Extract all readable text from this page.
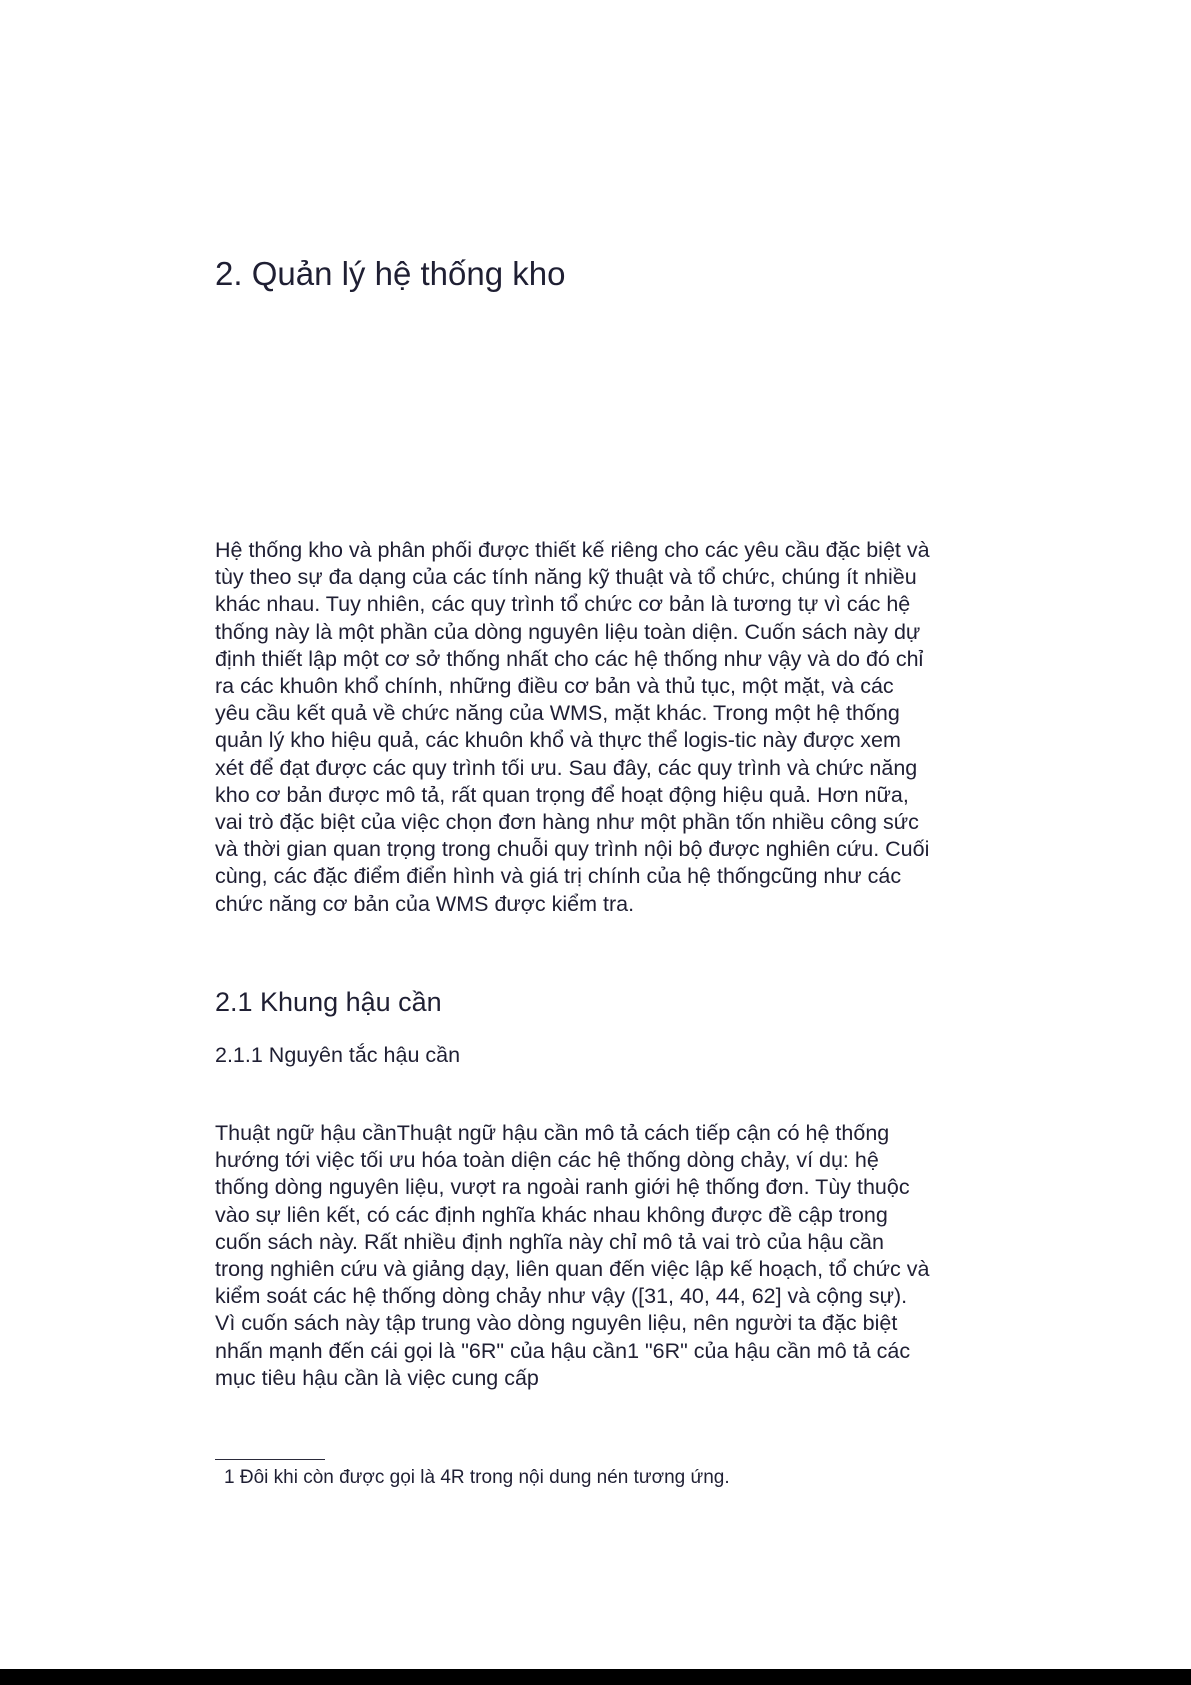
2. Quản lý hệ thống kho
Hệ thống kho và phân phối được thiết kế riêng cho các yêu cầu đặc biệt và
tùy theo sự đa dạng của các tính năng kỹ thuật và tổ chức, chúng ít nhiều
khác nhau. Tuy nhiên, các quy trình tổ chức cơ bản là tương tự vì các hệ
thống này là một phần của dòng nguyên liệu toàn diện. Cuốn sách này dự
định thiết lập một cơ sở thống nhất cho các hệ thống như vậy và do đó chỉ
ra các khuôn khổ chính, những điều cơ bản và thủ tục, một mặt, và các
yêu cầu kết quả về chức năng của WMS, mặt khác. Trong một hệ thống
quản lý kho hiệu quả, các khuôn khổ và thực thể logis-tic này được xem
xét để đạt được các quy trình tối ưu. Sau đây, các quy trình và chức năng
kho cơ bản được mô tả, rất quan trọng để hoạt động hiệu quả. Hơn nữa,
vai trò đặc biệt của việc chọn đơn hàng như một phần tốn nhiều công sức
và thời gian quan trọng trong chuỗi quy trình nội bộ được nghiên cứu. Cuối
cùng, các đặc điểm điển hình và giá trị chính của hệ thốngcũng như các
chức năng cơ bản của WMS được kiểm tra.
2.1 Khung hậu cần
2.1.1 Nguyên tắc hậu cần
Thuật ngữ hậu cầnThuật ngữ hậu cần mô tả cách tiếp cận có hệ thống
hướng tới việc tối ưu hóa toàn diện các hệ thống dòng chảy, ví dụ: hệ
thống dòng nguyên liệu, vượt ra ngoài ranh giới hệ thống đơn. Tùy thuộc
vào sự liên kết, có các định nghĩa khác nhau không được đề cập trong
cuốn sách này. Rất nhiều định nghĩa này chỉ mô tả vai trò của hậu cần
trong nghiên cứu và giảng dạy, liên quan đến việc lập kế hoạch, tổ chức và
kiểm soát các hệ thống dòng chảy như vậy ([31, 40, 44, 62] và cộng sự).
Vì cuốn sách này tập trung vào dòng nguyên liệu, nên người ta đặc biệt
nhấn mạnh đến cái gọi là "6R" của hậu cần1 "6R" của hậu cần mô tả các
mục tiêu hậu cần là việc cung cấp

1 Đôi khi còn được gọi là 4R trong nội dung nén tương ứng.
